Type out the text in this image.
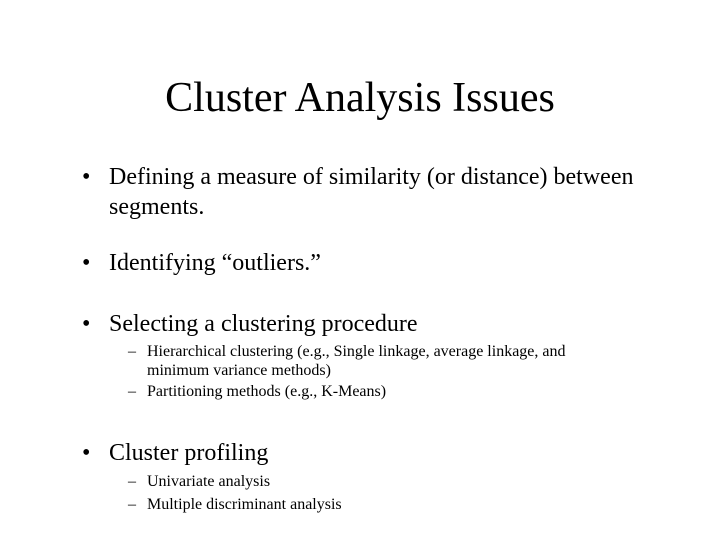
Cluster Analysis Issues
• Defining a measure of similarity (or distance) between segments.
• Identifying “outliers.”
• Selecting a clustering procedure
– Hierarchical clustering (e.g., Single linkage, average linkage, and minimum variance methods)
– Partitioning methods (e.g., K-Means)
• Cluster profiling
– Univariate analysis
– Multiple discriminant analysis
